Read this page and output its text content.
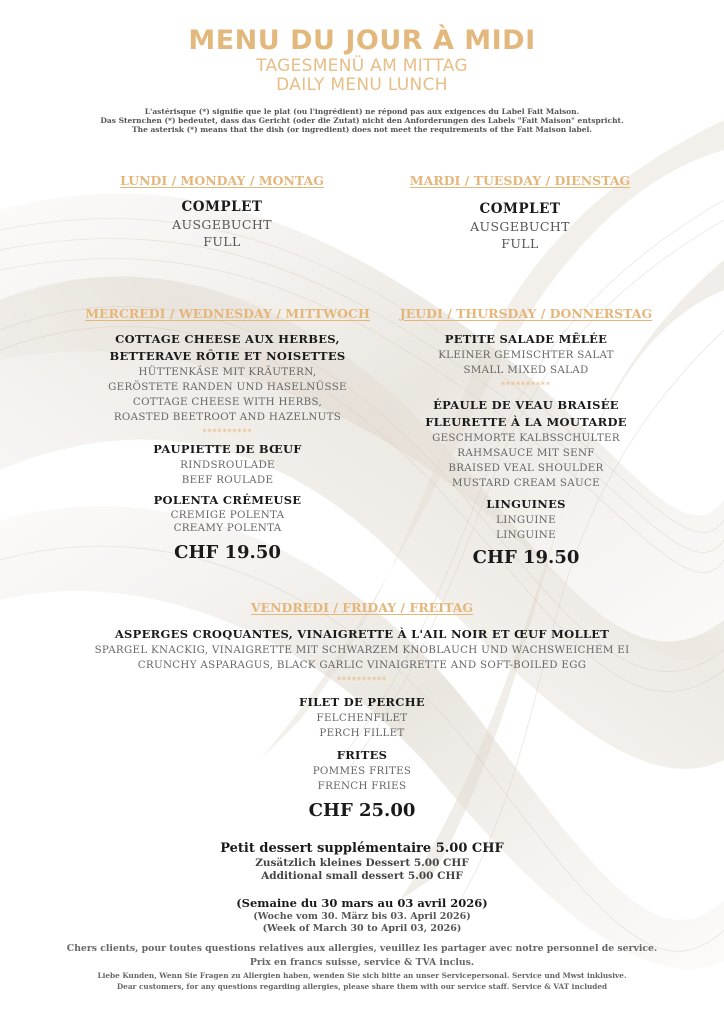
MENU DU JOUR À MIDI
TAGESMENÜ AM MITTAG
DAILY MENU LUNCH
L'astérisque (*) signifie que le plat (ou l'ingrédient) ne répond pas aux exigences du Label Fait Maison.
Das Sternchen (*) bedeutet, dass das Gericht (oder die Zutat) nicht den Anforderungen des Labels "Fait Maison" entspricht.
The asterisk (*) means that the dish (or ingredient) does not meet the requirements of the Fait Maison label.
LUNDI / MONDAY / MONTAG
COMPLET
AUSGEBUCHT
FULL
MARDI / TUESDAY / DIENSTAG
COMPLET
AUSGEBUCHT
FULL
MERCREDI / WEDNESDAY / MITTWOCH
COTTAGE CHEESE AUX HERBES,
BETTERAVE RÔTIE ET NOISETTES
HÜTTENKÄSE MIT KRÄUTERN,
GERÖSTETE RANDEN UND HASELNÜSSE
COTTAGE CHEESE WITH HERBS,
ROASTED BEETROOT AND HAZELNUTS
**********
PAUPIETTE DE BŒUF
RINDSROULADE
BEEF ROULADE
POLENTA CRÉMEUSE
CREMIGE POLENTA
CREAMY POLENTA
CHF 19.50
JEUDI / THURSDAY / DONNERSTAG
PETITE SALADE MÊLÉE
KLEINER GEMISCHTER SALAT
SMALL MIXED SALAD
**********
ÉPAULE DE VEAU BRAISÉE
FLEURETTE À LA MOUTARDE
GESCHMORTE KALBSSCHULTER
RAHMSAUCE MIT SENF
BRAISED VEAL SHOULDER
MUSTARD CREAM SAUCE
LINGUINES
LINGUINE
LINGUINE
CHF 19.50
VENDREDI / FRIDAY / FREITAG
ASPERGES CROQUANTES, VINAIGRETTE À L'AIL NOIR ET ŒUF MOLLET
SPARGEL KNACKIG, VINAIGRETTE MIT SCHWARZEM KNOBLAUCH UND WACHSWEICHEM EI
CRUNCHY ASPARAGUS, BLACK GARLIC VINAIGRETTE AND SOFT-BOILED EGG
**********
FILET DE PERCHE
FELCHENFILET
PERCH FILLET
FRITES
POMMES FRITES
FRENCH FRIES
CHF 25.00
Petit dessert supplémentaire 5.00 CHF
Zusätzlich kleines Dessert 5.00 CHF
Additional small dessert 5.00 CHF
(Semaine du 30 mars au 03 avril 2026)
(Woche vom 30. März bis 03. April 2026)
(Week of March 30 to April 03, 2026)
Chers clients, pour toutes questions relatives aux allergies, veuillez les partager avec notre personnel de service.
Prix en francs suisse, service & TVA inclus.
Liebe Kunden, Wenn Sie Fragen zu Allergien haben, wenden Sie sich bitte an unser Servicepersonal. Service und Mwst inklusive.
Dear customers, for any questions regarding allergies, please share them with our service staff. Service & VAT included
